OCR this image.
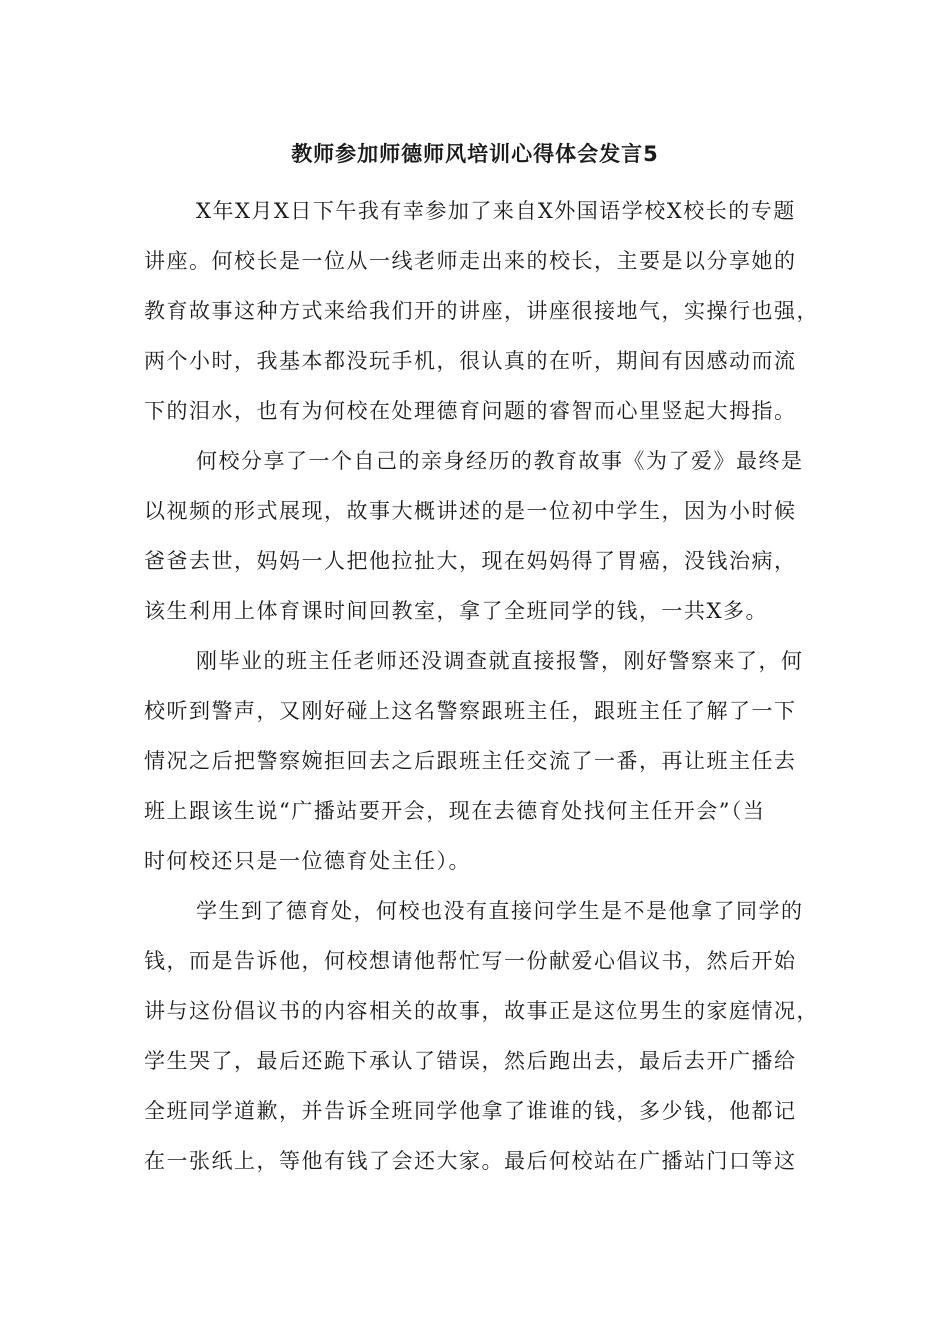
教师参加师德师风培训心得体会发言5
X年X月X日下午我有幸参加了来自X外国语学校X校长的专题
讲座。何校长是一位从一线老师走出来的校长，主要是以分享她的
教育故事这种方式来给我们开的讲座，讲座很接地气，实操行也强，
两个小时，我基本都没玩手机，很认真的在听，期间有因感动而流
下的泪水，也有为何校在处理德育问题的睿智而心里竖起大拇指。
何校分享了一个自己的亲身经历的教育故事《为了爱》最终是
以视频的形式展现，故事大概讲述的是一位初中学生，因为小时候
爸爸去世，妈妈一人把他拉扯大，现在妈妈得了胃癌，没钱治病，
该生利用上体育课时间回教室，拿了全班同学的钱，一共X多。
刚毕业的班主任老师还没调查就直接报警，刚好警察来了，何
校听到警声，又刚好碰上这名警察跟班主任，跟班主任了解了一下
情况之后把警察婉拒回去之后跟班主任交流了一番，再让班主任去
班上跟该生说“广播站要开会，现在去德育处找何主任开会”（当
时何校还只是一位德育处主任）。
学生到了德育处，何校也没有直接问学生是不是他拿了同学的
钱，而是告诉他，何校想请他帮忙写一份献爱心倡议书，然后开始
讲与这份倡议书的内容相关的故事，故事正是这位男生的家庭情况，
学生哭了，最后还跪下承认了错误，然后跑出去，最后去开广播给
全班同学道歉，并告诉全班同学他拿了谁谁的钱，多少钱，他都记
在一张纸上，等他有钱了会还大家。最后何校站在广播站门口等这
